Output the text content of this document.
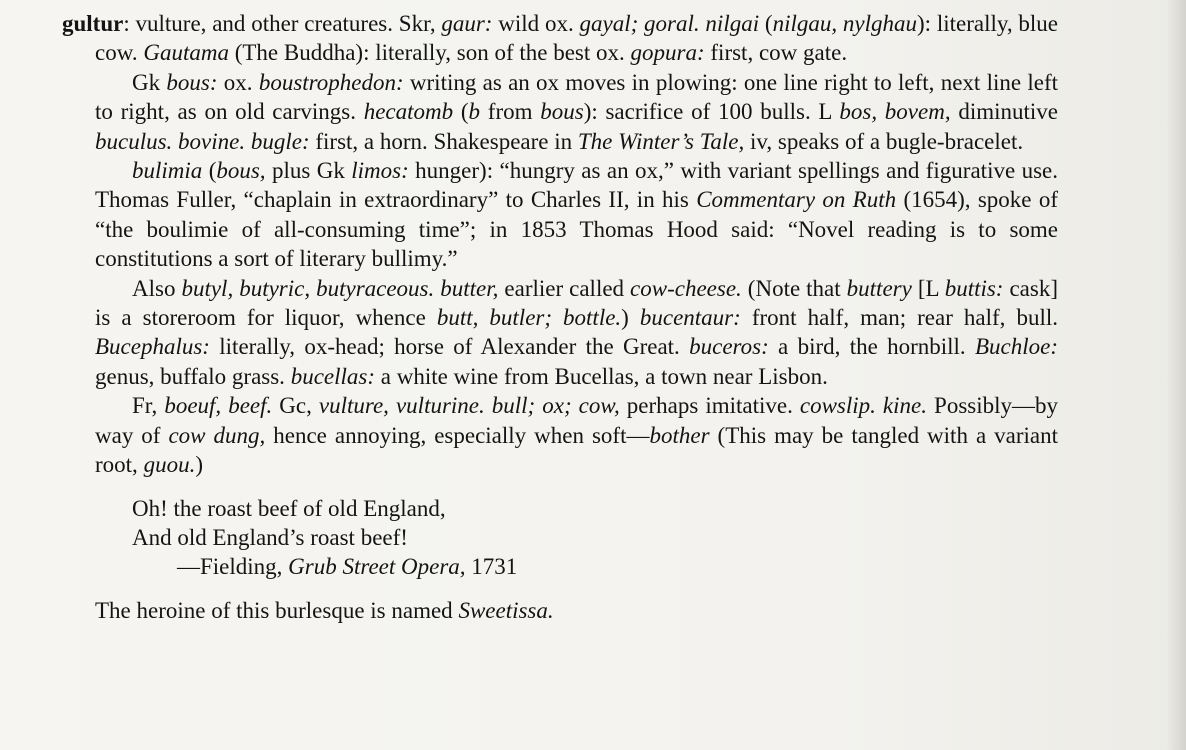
gultur: vulture, and other creatures. Skr, gaur: wild ox. gayal; goral. nilgai (nilgau, nylghau): literally, blue cow. Gautama (The Buddha): literally, son of the best ox. gopura: first, cow gate.

Gk bous: ox. boustrophedon: writing as an ox moves in plowing: one line right to left, next line left to right, as on old carvings. hecatomb (b from bous): sacrifice of 100 bulls. L bos, bovem, diminutive buculus. bovine. bugle: first, a horn. Shakespeare in The Winter’s Tale, iv, speaks of a bugle-bracelet.

bulimia (bous, plus Gk limos: hunger): “hungry as an ox,” with variant spellings and figurative use. Thomas Fuller, “chaplain in extraordinary” to Charles II, in his Commentary on Ruth (1654), spoke of “the boulimie of all-consuming time”; in 1853 Thomas Hood said: “Novel reading is to some constitutions a sort of literary bullimy.”

Also butyl, butyric, butyraceous. butter, earlier called cow-cheese. (Note that buttery [L buttis: cask] is a storeroom for liquor, whence butt, butler; bottle.) bucentaur: front half, man; rear half, bull. Bucephalus: literally, ox-head; horse of Alexander the Great. buceros: a bird, the hornbill. Buchloe: genus, buffalo grass. bucellas: a white wine from Bucellas, a town near Lisbon.

Fr, boeuf, beef. Gc, vulture, vulturine. bull; ox; cow, perhaps imitative. cowslip. kine. Possibly—by way of cow dung, hence annoying, especially when soft—bother (This may be tangled with a variant root, guou.)

Oh! the roast beef of old England,
And old England’s roast beef!
—Fielding, Grub Street Opera, 1731

The heroine of this burlesque is named Sweetissa.
